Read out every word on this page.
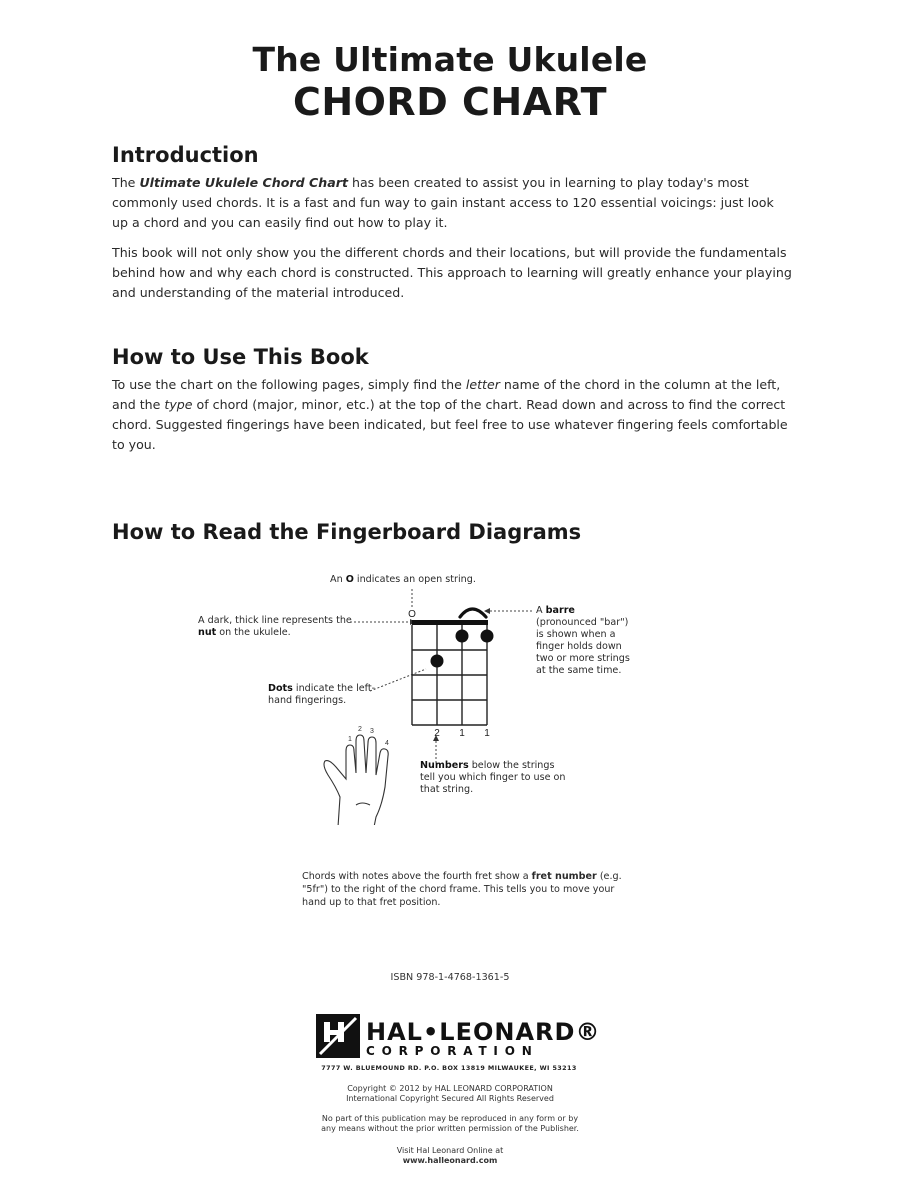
The Ultimate Ukulele
CHORD CHART
Introduction

The Ultimate Ukulele Chord Chart has been created to assist you in learning to play today's most commonly used chords. It is a fast and fun way to gain instant access to 120 essential voicings: just look up a chord and you can easily find out how to play it.

This book will not only show you the different chords and their locations, but will provide the fundamentals behind how and why each chord is constructed. This approach to learning will greatly enhance your playing and understanding of the material introduced.

How to Use This Book

To use the chart on the following pages, simply find the letter name of the chord in the column at the left, and the type of chord (major, minor, etc.) at the top of the chart. Read down and across to find the correct chord. Suggested fingerings have been indicated, but feel free to use whatever fingering feels comfortable to you.

How to Read the Fingerboard Diagrams
An O indicates an open string.
A dark, thick line represents the nut on the ukulele.
A barre (pronounced "bar") is shown when a finger holds down two or more strings at the same time.
Dots indicate the left-hand fingerings.
Numbers below the strings tell you which finger to use on that string.
O
2 1 1
1
2 3
4
Chords with notes above the fourth fret show a fret number (e.g. "5fr") to the right of the chord frame. This tells you to move your hand up to that fret position.
ISBN 978-1-4768-1361-5
HAL•LEONARD®
CORPORATION
7777 W. BLUEMOUND RD. P.O. BOX 13819 MILWAUKEE, WI 53213
Copyright © 2012 by HAL LEONARD CORPORATION
International Copyright Secured All Rights Reserved
No part of this publication may be reproduced in any form or by
any means without the prior written permission of the Publisher.
Visit Hal Leonard Online at
www.halleonard.com
